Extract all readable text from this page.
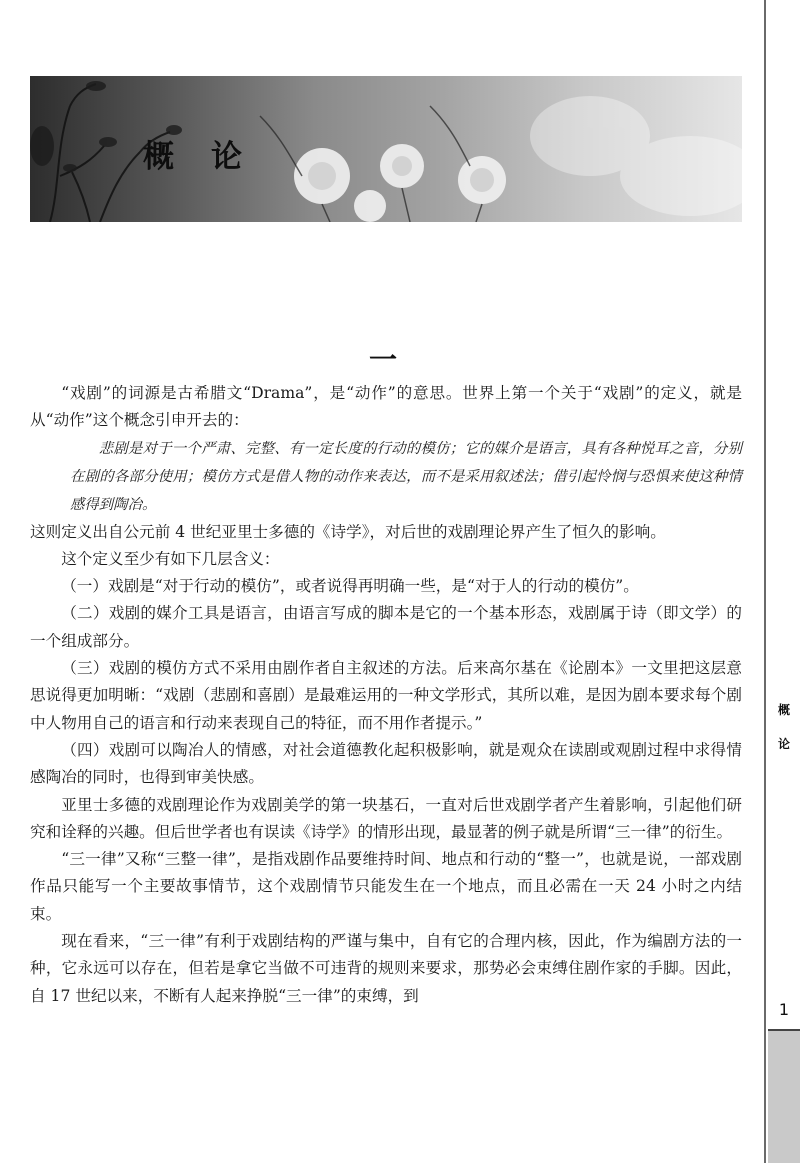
概论
一

“戏剧”的词源是古希腊文“Drama”，是“动作”的意思。世界上第一个关于“戏剧”的定义，就是从“动作”这个概念引申开去的：

悲剧是对于一个严肃、完整、有一定长度的行动的模仿；它的媒介是语言，具有各种悦耳之音，分别在剧的各部分使用；模仿方式是借人物的动作来表达，而不是采用叙述法；借引起怜悯与恐惧来使这种情感得到陶冶。

这则定义出自公元前 4 世纪亚里士多德的《诗学》，对后世的戏剧理论界产生了恒久的影响。

这个定义至少有如下几层含义：

（一）戏剧是“对于行动的模仿”，或者说得再明确一些，是“对于人的行动的模仿”。

（二）戏剧的媒介工具是语言，由语言写成的脚本是它的一个基本形态，戏剧属于诗（即文学）的一个组成部分。

（三）戏剧的模仿方式不采用由剧作者自主叙述的方法。后来高尔基在《论剧本》一文里把这层意思说得更加明晰：“戏剧（悲剧和喜剧）是最难运用的一种文学形式，其所以难，是因为剧本要求每个剧中人物用自己的语言和行动来表现自己的特征，而不用作者提示。”

（四）戏剧可以陶冶人的情感，对社会道德教化起积极影响，就是观众在读剧或观剧过程中求得情感陶冶的同时，也得到审美快感。

亚里士多德的戏剧理论作为戏剧美学的第一块基石，一直对后世戏剧学者产生着影响，引起他们研究和诠释的兴趣。但后世学者也有误读《诗学》的情形出现，最显著的例子就是所谓“三一律”的衍生。

“三一律”又称“三整一律”，是指戏剧作品要维持时间、地点和行动的“整一”，也就是说，一部戏剧作品只能写一个主要故事情节，这个戏剧情节只能发生在一个地点，而且必需在一天 24 小时之内结束。

现在看来，“三一律”有利于戏剧结构的严谨与集中，自有它的合理内核，因此，作为编剧方法的一种，它永远可以存在，但若是拿它当做不可违背的规则来要求，那势必会束缚住剧作家的手脚。因此，自 17 世纪以来，不断有人起来挣脱“三一律”的束缚，到

概
论
1
